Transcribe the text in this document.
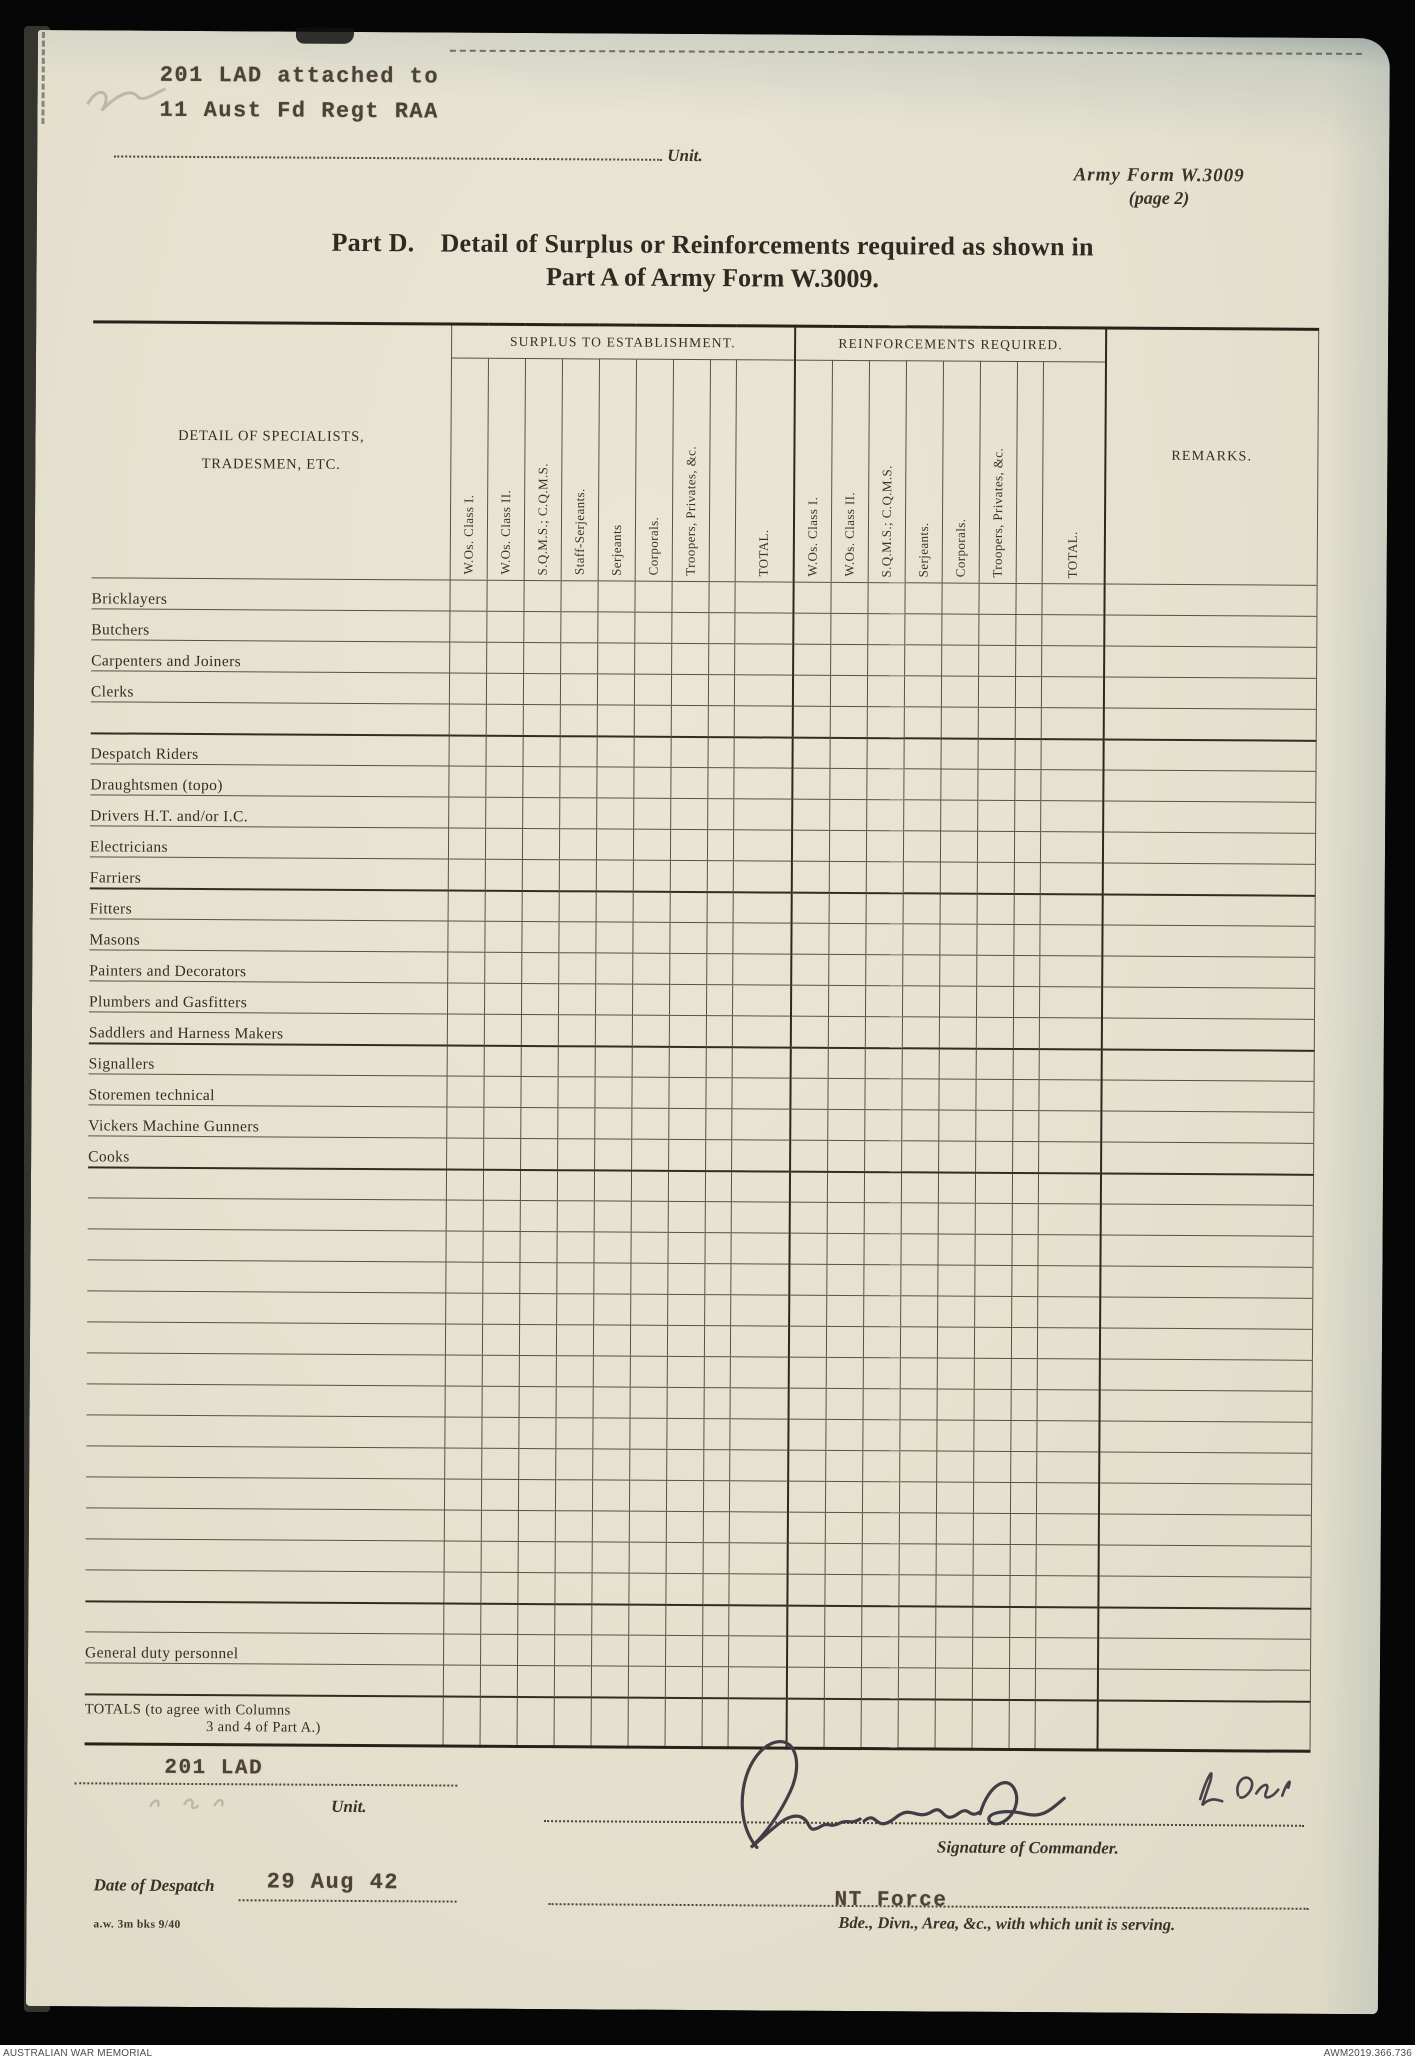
201 LAD attached to
11 Aust Fd Regt RAA
Unit.
Army Form W.3009
(page 2)
Part D. Detail of Surplus or Reinforcements required as shown in
Part A of Army Form W.3009.
DETAIL OF SPECIALISTS,
TRADESMEN, ETC.	SURPLUS TO ESTABLISHMENT.									REINFORCEMENTS REQUIRED.								REMARKS.
	W.Os. Class I.	W.Os. Class II.	S.Q.M.S.; C.Q.M.S.	Staff-Serjeants.	Serjeants	Corporals.	Troopers, Privates, &c.		TOTAL.	W.Os. Class I.	W.Os. Class II.	S.Q.M.S.; C.Q.M.S.	Serjeants.	Corporals.	Troopers, Privates, &c.		TOTAL.	
Bricklayers																		
Butchers																		
Carpenters and Joiners																		
Clerks																		

Despatch Riders																		
Draughtsmen (topo)																		
Drivers H.T. and/or I.C.																		
Electricians																		
Farriers																		
Fitters																		
Masons																		
Painters and Decorators																		
Plumbers and Gasfitters																		
Saddlers and Harness Makers																		
Signallers																		
Storemen technical																		
Vickers Machine Gunners																		
Cooks																		

General duty personnel																		

TOTALS (to agree with Columns
3 and 4 of Part A.)																		

201 LAD
Unit.
Signature of Commander.
Date of Despatch 29 Aug 42
NT Force
Bde., Divn., Area, &c., with which unit is serving.
a.w. 3m bks 9/40
AUSTRALIAN WAR MEMORIAL	AWM2019.366.736
